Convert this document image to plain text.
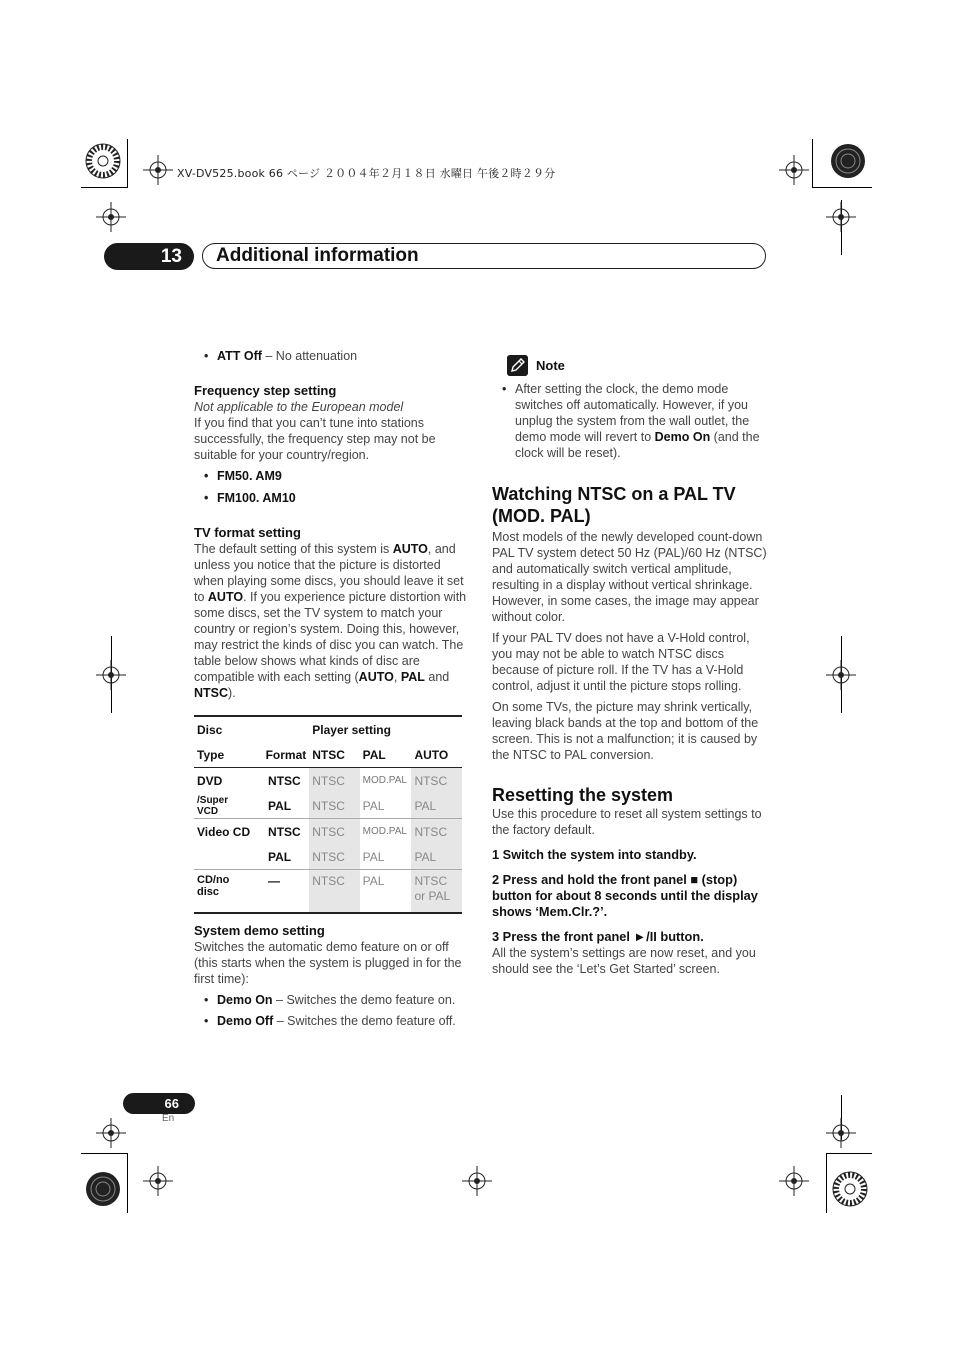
XV-DV525.book 66 ページ ２００４年２月１８日 水曜日 午後２時２９分
13	Additional information

• ATT Off – No attenuation

Frequency step setting

Not applicable to the European model

If you find that you can’t tune into stations successfully, the frequency step may not be suitable for your country/region.

• FM50. AM9

• FM100. AM10

TV format setting

The default setting of this system is AUTO, and unless you notice that the picture is distorted when playing some discs, you should leave it set to AUTO. If you experience picture distortion with some discs, set the TV system to match your country or region’s system. Doing this, however, may restrict the kinds of disc you can watch. The table below shows what kinds of disc are compatible with each setting (AUTO, PAL and NTSC).

Disc		Player setting		
Type	Format	NTSC	PAL	AUTO
DVD	NTSC	NTSC	MOD.PAL	NTSC
/Super VCD	PAL	NTSC	PAL	PAL
Video CD	NTSC	NTSC	MOD.PAL	NTSC
	PAL	NTSC	PAL	PAL
CD/no disc	—	NTSC	PAL	NTSC or PAL

System demo setting

Switches the automatic demo feature on or off (this starts when the system is plugged in for the first time):

• Demo On – Switches the demo feature on.

• Demo Off – Switches the demo feature off.

Note

• After setting the clock, the demo mode switches off automatically. However, if you unplug the system from the wall outlet, the demo mode will revert to Demo On (and the clock will be reset).

Watching NTSC on a PAL TV (MOD. PAL)

Most models of the newly developed count-down PAL TV system detect 50 Hz (PAL)/60 Hz (NTSC) and automatically switch vertical amplitude, resulting in a display without vertical shrinkage. However, in some cases, the image may appear without color.

If your PAL TV does not have a V-Hold control, you may not be able to watch NTSC discs because of picture roll. If the TV has a V-Hold control, adjust it until the picture stops rolling.

On some TVs, the picture may shrink vertically, leaving black bands at the top and bottom of the screen. This is not a malfunction; it is caused by the NTSC to PAL conversion.

Resetting the system

Use this procedure to reset all system settings to the factory default.

1 Switch the system into standby.

2 Press and hold the front panel ■ (stop) button for about 8 seconds until the display shows ‘Mem.Clr.?’.

3 Press the front panel ►/II button.

All the system’s settings are now reset, and you should see the ‘Let’s Get Started’ screen.

66
En
